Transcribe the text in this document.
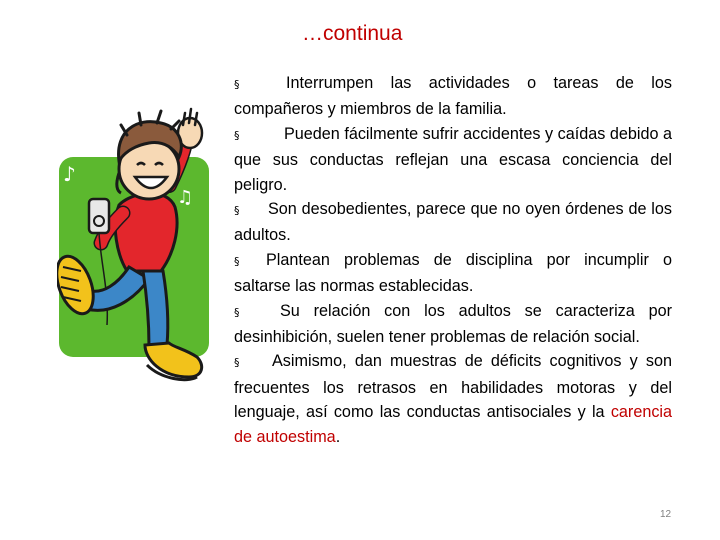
…continua
♪
♫

§	Interrumpen las actividades o tareas de los compañeros y miembros de la familia.

§	Pueden fácilmente sufrir accidentes y caídas debido a que sus conductas reflejan una escasa conciencia del peligro.

§ Son desobedientes, parece que no oyen órdenes de los adultos.

§ Plantean problemas de disciplina por incumplir o saltarse las normas establecidas.

§	Su relación con los adultos se caracteriza por desinhibición, suelen tener problemas de relación social.

§ Asimismo, dan muestras de déficits cognitivos y son frecuentes los retrasos en habilidades motoras y del lenguaje, así como las conductas antisociales y la carencia de autoestima.

12
